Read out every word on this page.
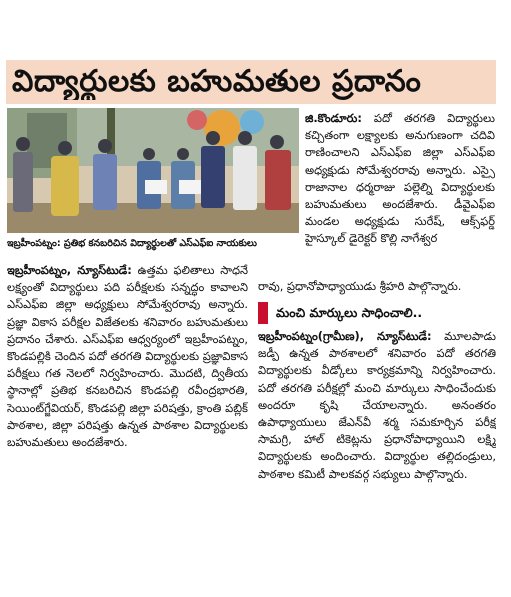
విద్యార్థులకు బహుమతుల ప్రదానం
ఇబ్రహీంపట్నం: ప్రతిభ కనబరిచిన విద్యార్థులతో ఎస్‌ఎఫ్‌ఐ నాయకులు

జి.కొండూరు: పదో తరగతి విద్యార్థులు కచ్చితంగా లక్ష్యాలకు అనుగుణంగా చదివి రాణించాలని ఎస్‌ఎఫ్‌ఐ జిల్లా ఎస్‌ఎఫ్‌ఐ అధ్యక్షుడు సోమేశ్వరరావు అన్నారు. ఎస్సై రాజానాల ధర్మరాజు పల్లెల్ని విద్యార్థులకు బహుమతులు అందజేశారు. డీవైఎఫ్‌ఐ మండల అధ్యక్షుడు సురేష్, ఆక్స్‌ఫర్డ్ హైస్కూల్ డైరెక్టర్ కొల్లి నాగేశ్వర

రావు, ప్రధానోపాధ్యాయుడు శ్రీహరి పాల్గొన్నారు.

ఇబ్రహీంపట్నం, న్యూస్‌టుడే: ఉత్తమ ఫలితాలు సాధనే లక్ష్యంతో విద్యార్థులు పది పరీక్షలకు సన్నద్ధం కావాలని ఎస్‌ఎఫ్‌ఐ జిల్లా అధ్యక్షులు సోమేశ్వరరావు అన్నారు. ప్రజ్ఞా వికాస పరీక్షల విజేతలకు శనివారం బహుమతులు ప్రదానం చేశారు. ఎస్‌ఎఫ్‌ఐ ఆధ్వర్యంలో ఇబ్రహీంపట్నం, కొండపల్లికి చెందిన పదో తరగతి విద్యార్థులకు ప్రజ్ఞావికాస పరీక్షలు గత నెలలో నిర్వహించారు. మొదటి, ద్వితీయ స్థానాల్లో ప్రతిభ కనబరిచిన కొండపల్లి రవీంద్రభారతి, సెయింట్‌గ్జేవియర్, కొండపల్లి జిల్లా పరిషత్తు, క్రాంతి పబ్లిక్ పాఠశాల, జిల్లా పరిషత్తు ఉన్నత పాఠశాల విద్యార్థులకు బహుమతులు అందజేశారు.

మంచి మార్కులు సాధించాలి..

ఇబ్రహీంపట్నం(గ్రామీణ), న్యూస్‌టుడే: మూలపాడు జడ్పీ ఉన్నత పాఠశాలలో శనివారం పదో తరగతి విద్యార్థులకు వీడ్కోలు కార్యక్రమాన్ని నిర్వహించారు. పదో తరగతి పరీక్షల్లో మంచి మార్కులు సాధించేందుకు అందరూ కృషి చేయాలన్నారు. అనంతరం ఉపాధ్యాయులు జేఎన్‌వీ శర్మ సమకూర్చిన పరీక్ష సామగ్రి, హాల్ టికెట్లను ప్రధానోపాధ్యాయిని లక్ష్మి విద్యార్థులకు అందించారు. విద్యార్థుల తల్లిదండ్రులు, పాఠశాల కమిటీ పాలకవర్గ సభ్యులు పాల్గొన్నారు.
